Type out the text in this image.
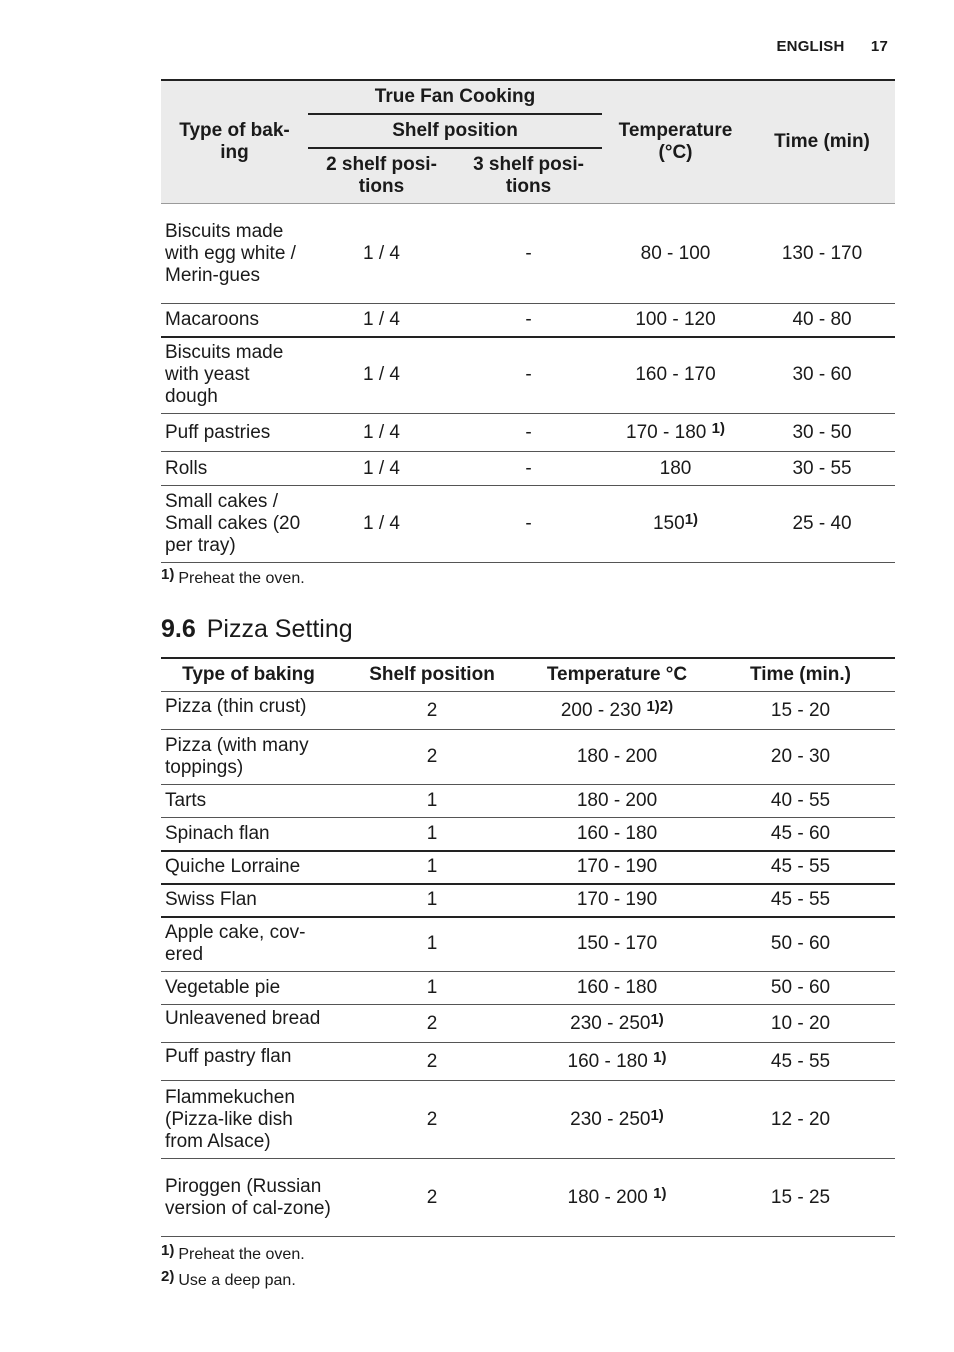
ENGLISH 17
Type of bak-ing	True Fan Cooking		Temperature (°C)	Time (min)
	Shelf position			
	2 shelf posi-tions	3 shelf posi-tions		
Biscuits made with egg white / Merin-gues	1 / 4	-	80 - 100	130 - 170
Macaroons	1 / 4	-	100 - 120	40 - 80
Biscuits made with yeast dough	1 / 4	-	160 - 170	30 - 60
Puff pastries	1 / 4	-	170 - 180 $^{1)}$	30 - 50
Rolls	1 / 4	-	180	30 - 55
Small cakes / Small cakes (20 per tray)	1 / 4	-	150$^{1)}$	25 - 40
$^{1)}$ Preheat the oven.
9.6 Pizza Setting
Type of baking	Shelf position	Temperature °C	Time (min.)
Pizza (thin crust)	2	200 - 230 $^{1)2)}$	15 - 20
Pizza (with many toppings)	2	180 - 200	20 - 30
Tarts	1	180 - 200	40 - 55
Spinach flan	1	160 - 180	45 - 60
Quiche Lorraine	1	170 - 190	45 - 55
Swiss Flan	1	170 - 190	45 - 55
Apple cake, cov-ered	1	150 - 170	50 - 60
Vegetable pie	1	160 - 180	50 - 60
Unleavened bread	2	230 - 250$^{1)}$	10 - 20
Puff pastry flan	2	160 - 180 $^{1)}$	45 - 55
Flammekuchen (Pizza-like dish from Alsace)	2	230 - 250$^{1)}$	12 - 20
Piroggen (Russian version of cal-zone)	2	180 - 200 $^{1)}$	15 - 25
$^{1)}$ Preheat the oven.
$^{2)}$ Use a deep pan.
